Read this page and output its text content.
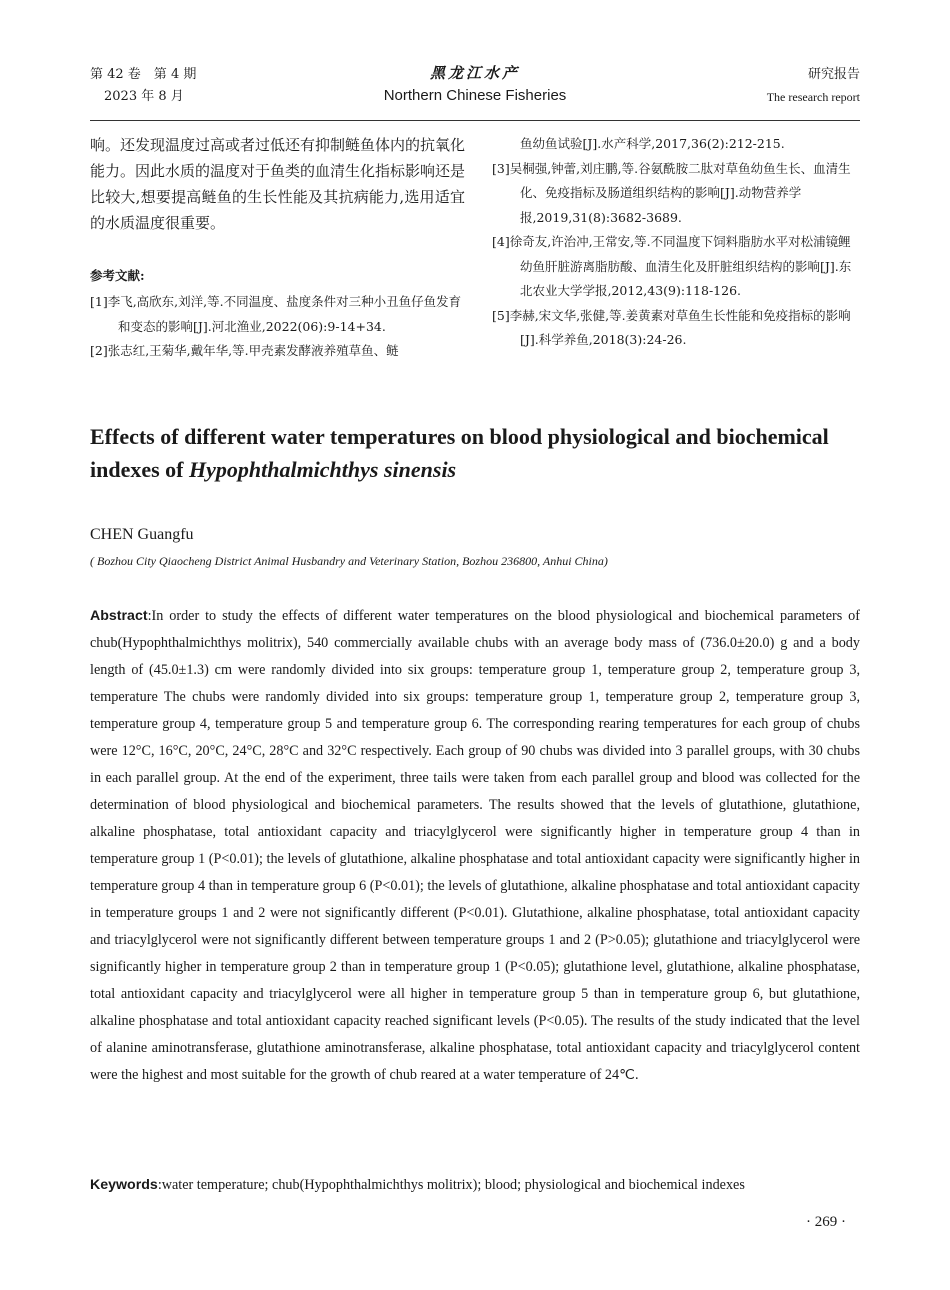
第 42 卷　第 4 期
2023 年 8 月
黑龙江水产
Northern Chinese Fisheries
研究报告
The research report

响。还发现温度过高或者过低还有抑制鲢鱼体内的抗氧化能力。因此水质的温度对于鱼类的血清生化指标影响还是比较大,想要提高鲢鱼的生长性能及其抗病能力,选用适宜的水质温度很重要。

参考文献:

[1]李飞,高欣东,刘洋,等.不同温度、盐度条件对三种小丑鱼仔鱼发育和变态的影响[J].河北渔业,2022(06):9-14+34.

[2]张志红,王菊华,戴年华,等.甲壳素发酵液养殖草鱼、鲢

鱼幼鱼试验[J].水产科学,2017,36(2):212-215.

[3]吴桐强,钟蕾,刘庄鹏,等.谷氨酰胺二肽对草鱼幼鱼生长、血清生化、免疫指标及肠道组织结构的影响[J].动物营养学报,2019,31(8):3682-3689.

[4]徐奇友,许治冲,王常安,等.不同温度下饲料脂肪水平对松浦镜鲤幼鱼肝脏游离脂肪酸、血清生化及肝脏组织结构的影响[J].东北农业大学学报,2012,43(9):118-126.

[5]李赫,宋文华,张健,等.姜黄素对草鱼生长性能和免疫指标的影响[J].科学养鱼,2018(3):24-26.

Effects of different water temperatures on blood physiological and biochemical indexes of Hypophthalmichthys sinensis

CHEN Guangfu

( Bozhou City Qiaocheng District Animal Husbandry and Veterinary Station, Bozhou 236800, Anhui China)

Abstract:In order to study the effects of different water temperatures on the blood physiological and biochemical parameters of chub(Hypophthalmichthys molitrix), 540 commercially available chubs with an average body mass of (736.0±20.0) g and a body length of (45.0±1.3) cm were randomly divided into six groups: temperature group 1, temperature group 2, temperature group 3, temperature The chubs were randomly divided into six groups: temperature group 1, temperature group 2, temperature group 3, temperature group 4, temperature group 5 and temperature group 6. The corresponding rearing temperatures for each group of chubs were 12°C, 16°C, 20°C, 24°C, 28°C and 32°C respectively. Each group of 90 chubs was divided into 3 parallel groups, with 30 chubs in each parallel group. At the end of the experiment, three tails were taken from each parallel group and blood was collected for the determination of blood physiological and biochemical parameters. The results showed that the levels of glutathione, glutathione, alkaline phosphatase, total antioxidant capacity and triacylglycerol were significantly higher in temperature group 4 than in temperature group 1 (P<0.01); the levels of glutathione, alkaline phosphatase and total antioxidant capacity were significantly higher in temperature group 4 than in temperature group 6 (P<0.01); the levels of glutathione, alkaline phosphatase and total antioxidant capacity in temperature groups 1 and 2 were not significantly different (P<0.01). Glutathione, alkaline phosphatase, total antioxidant capacity and triacylglycerol were not significantly different between temperature groups 1 and 2 (P>0.05); glutathione and triacylglycerol were significantly higher in temperature group 2 than in temperature group 1 (P<0.05); glutathione level, glutathione, alkaline phosphatase, total antioxidant capacity and triacylglycerol were all higher in temperature group 5 than in temperature group 6, but glutathione, alkaline phosphatase and total antioxidant capacity reached significant levels (P<0.05). The results of the study indicated that the level of alanine aminotransferase, glutathione aminotransferase, alkaline phosphatase, total antioxidant capacity and triacylglycerol content were the highest and most suitable for the growth of chub reared at a water temperature of 24℃.

Keywords:water temperature; chub(Hypophthalmichthys molitrix); blood; physiological and biochemical indexes

· 269 ·
